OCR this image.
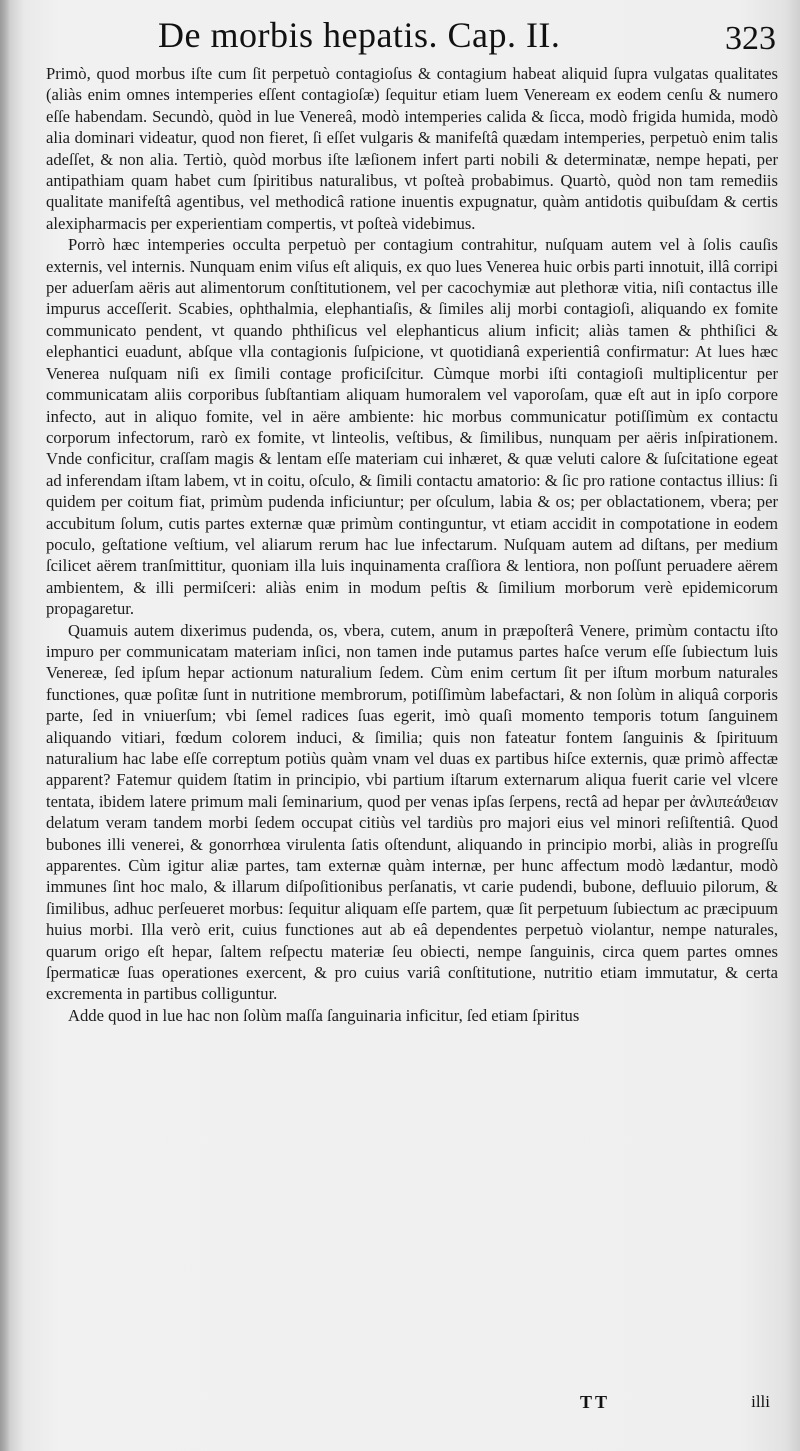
De morbis hepatis. Cap. II.	323

Primò, quod morbus iſte cum ſit perpetuò contagioſus & contagium habeat aliquid ſupra vulgatas qualitates (aliàs enim omnes intemperies eſſent contagioſæ) ſequitur etiam luem Veneream ex eodem cenſu & numero eſſe habendam. Secundò, quòd in lue Venereâ, modò intemperies calida & ſicca, modò frigida humida, modò alia dominari videatur, quod non fieret, ſi eſſet vulgaris & manifeſtâ quædam intemperies, perpetuò enim talis adeſſet, & non alia. Tertiò, quòd morbus iſte læſionem infert parti nobili & determinatæ, nempe hepati, per antipathiam quam habet cum ſpiritibus naturalibus, vt poſteà probabimus. Quartò, quòd non tam remediis qualitate manifeſtâ agentibus, vel methodicâ ratione inuentis expugnatur, quàm antidotis quibuſdam & certis alexipharmacis per experientiam compertis, vt poſteà videbimus.

Porrò hæc intemperies occulta perpetuò per contagium contrahitur, nuſquam autem vel à ſolis cauſis externis, vel internis. Nunquam enim viſus eſt aliquis, ex quo lues Venerea huic orbis parti innotuit, illâ corripi per aduerſam aëris aut alimentorum conſtitutionem, vel per cacochymiæ aut plethoræ vitia, niſi contactus ille impurus acceſſerit. Scabies, ophthalmia, elephantiaſis, & ſimiles alij morbi contagioſi, aliquando ex fomite communicato pendent, vt quando phthiſicus vel elephanticus alium inficit; aliàs tamen & phthiſici & elephantici euadunt, abſque vlla contagionis ſuſpicione, vt quotidianâ experientiâ confirmatur: At lues hæc Venerea nuſquam niſi ex ſimili contage proficiſcitur. Cùmque morbi iſti contagioſi multiplicentur per communicatam aliis corporibus ſubſtantiam aliquam humoralem vel vaporoſam, quæ eſt aut in ipſo corpore infecto, aut in aliquo fomite, vel in aëre ambiente: hic morbus communicatur potiſſimùm ex contactu corporum infectorum, rarò ex fomite, vt linteolis, veſtibus, & ſimilibus, nunquam per aëris inſpirationem. Vnde conficitur, craſſam magis & lentam eſſe materiam cui inhæret, & quæ veluti calore & ſuſcitatione egeat ad inferendam iſtam labem, vt in coitu, oſculo, & ſimili contactu amatorio: & ſic pro ratione contactus illius: ſi quidem per coitum fiat, primùm pudenda inficiuntur; per oſculum, labia & os; per oblactationem, vbera; per accubitum ſolum, cutis partes externæ quæ primùm continguntur, vt etiam accidit in compotatione in eodem poculo, geſtatione veſtium, vel aliarum rerum hac lue infectarum. Nuſquam autem ad diſtans, per medium ſcilicet aërem tranſmittitur, quoniam illa luis inquinamenta craſſiora & lentiora, non poſſunt peruadere aërem ambientem, & illi permiſceri: aliàs enim in modum peſtis & ſimilium morborum verè epidemicorum propagaretur.

Quamuis autem dixerimus pudenda, os, vbera, cutem, anum in præpoſterâ Venere, primùm contactu iſto impuro per communicatam materiam inſici, non tamen inde putamus partes haſce verum eſſe ſubiectum luis Venereæ, ſed ipſum hepar actionum naturalium ſedem. Cùm enim certum ſit per iſtum morbum naturales functiones, quæ poſitæ ſunt in nutritione membrorum, potiſſimùm labefactari, & non ſolùm in aliquâ corporis parte, ſed in vniuerſum; vbi ſemel radices ſuas egerit, imò quaſi momento temporis totum ſanguinem aliquando vitiari, fœdum colorem induci, & ſimilia; quis non fateatur fontem ſanguinis & ſpirituum naturalium hac labe eſſe correptum potiùs quàm vnam vel duas ex partibus hiſce externis, quæ primò affectæ apparent? Fatemur quidem ſtatim in principio, vbi partium iſtarum externarum aliqua fuerit carie vel vlcere tentata, ibidem latere primum mali ſeminarium, quod per venas ipſas ſerpens, rectâ ad hepar per ἀνλιπεάϑειαν delatum veram tandem morbi ſedem occupat citiùs vel tardiùs pro majori eius vel minori reſiſtentiâ. Quod bubones illi venerei, & gonorrhœa virulenta ſatis oſtendunt, aliquando in principio morbi, aliàs in progreſſu apparentes. Cùm igitur aliæ partes, tam externæ quàm internæ, per hunc affectum modò lædantur, modò immunes ſint hoc malo, & illarum diſpoſitionibus perſanatis, vt carie pudendi, bubone, defluuio pilorum, & ſimilibus, adhuc perſeueret morbus: ſequitur aliquam eſſe partem, quæ ſit perpetuum ſubiectum ac præcipuum huius morbi. Illa verò erit, cuius functiones aut ab eâ dependentes perpetuò violantur, nempe naturales, quarum origo eſt hepar, ſaltem reſpectu materiæ ſeu obiecti, nempe ſanguinis, circa quem partes omnes ſpermaticæ ſuas operationes exercent, & pro cuius variâ conſtitutione, nutritio etiam immutatur, & certa excrementa in partibus colliguntur.

Adde quod in lue hac non ſolùm maſſa ſanguinaria inficitur, ſed etiam ſpiritus

TT	illi
